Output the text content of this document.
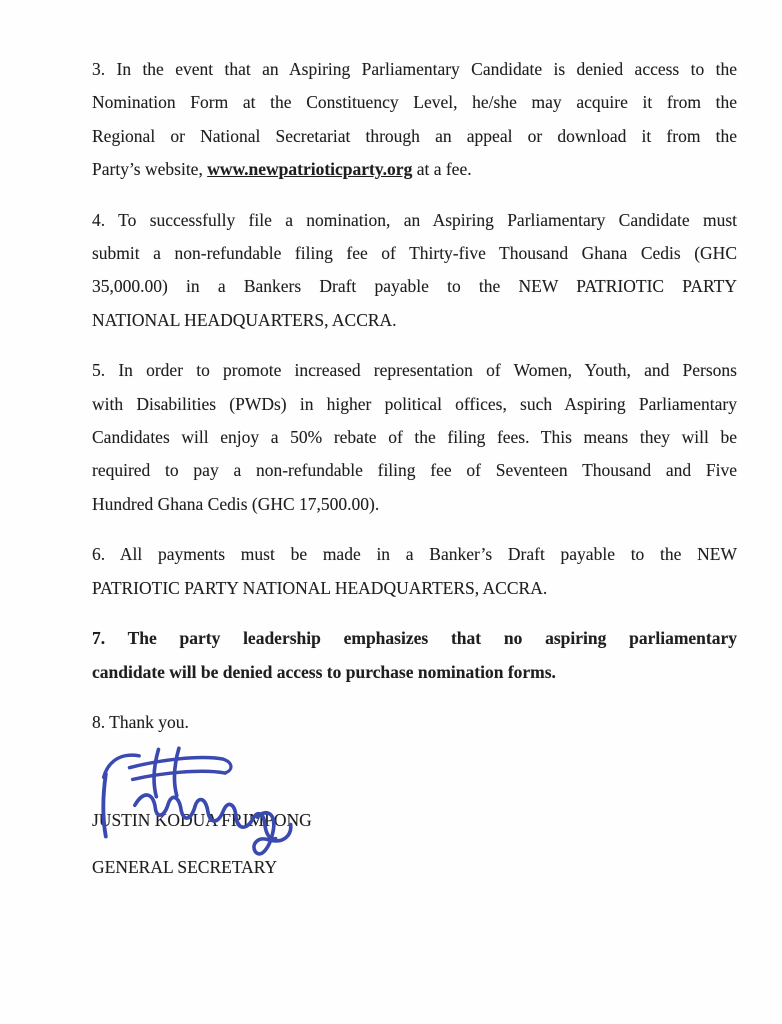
3. In the event that an Aspiring Parliamentary Candidate is denied access to the
Nomination Form at the Constituency Level, he/she may acquire it from the
Regional or National Secretariat through an appeal or download it from the
Party’s website, www.newpatrioticparty.org at a fee.

4. To successfully file a nomination, an Aspiring Parliamentary Candidate must
submit a non-refundable filing fee of Thirty-five Thousand Ghana Cedis (GHC
35,000.00) in a Bankers Draft payable to the NEW PATRIOTIC PARTY
NATIONAL HEADQUARTERS, ACCRA.

5. In order to promote increased representation of Women, Youth, and Persons
with Disabilities (PWDs) in higher political offices, such Aspiring Parliamentary
Candidates will enjoy a 50% rebate of the filing fees. This means they will be
required to pay a non-refundable filing fee of Seventeen Thousand and Five
Hundred Ghana Cedis (GHC 17,500.00).

6. All payments must be made in a Banker’s Draft payable to the NEW
PATRIOTIC PARTY NATIONAL HEADQUARTERS, ACCRA.

7. The party leadership emphasizes that no aspiring parliamentary
candidate will be denied access to purchase nomination forms.

8. Thank you.

JUSTIN KODUA FRIMPONG
GENERAL SECRETARY
